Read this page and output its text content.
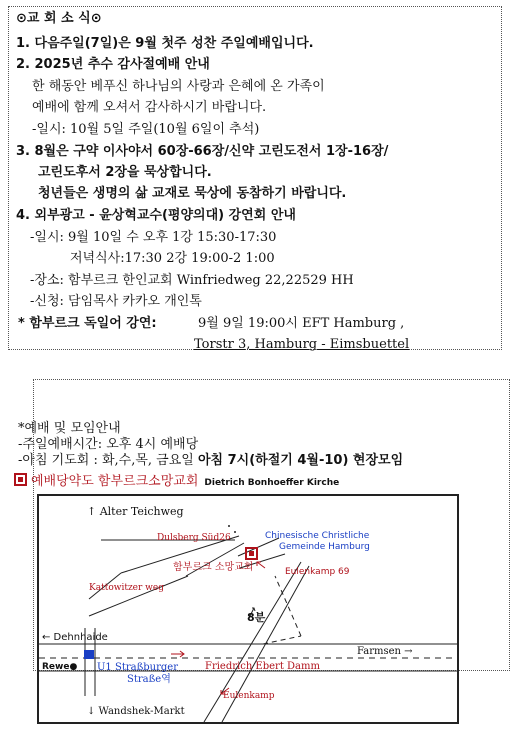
⊙교 회 소 식⊙
1. 다음주일(7일)은 9월 첫주 성찬 주일예배입니다.
2. 2025년 추수 감사절예배 안내
한 해동안 베푸신 하나님의 사랑과 은혜에 온 가족이
예배에 함께 오셔서 감사하시기 바랍니다.
-일시: 10월 5일 주일(10월 6일이 추석)
3. 8월은 구약 이사야서 60장-66장/신약 고린도전서 1장-16장/
고린도후서 2장을 묵상합니다.
청년들은 생명의 삶 교재로 묵상에 동참하기 바랍니다.
4. 외부광고 - 윤상혁교수(평양의대) 강연회 안내
-일시: 9월 10일 수 오후 1강 15:30-17:30
저녁식사:17:30 2강 19:00-2 1:00
-장소: 함부르크 한인교회 Winfriedweg 22,22529 HH
-신청: 담임목사 카카오 개인톡
* 함부르크 독일어 강연:	9월 9일 19:00시 EFT Hamburg ,
Torstr 3, Hamburg - Eimsbuettel
*예배 및 모임안내
-주일예배시간: 오후 4시 예배당
-아침 기도회 : 화,수,목, 금요일 아침 7시(하절기 4월-10) 현장모임
예배당약도 함부르크소망교회 Dietrich Bonhoeffer Kirche
↑ Alter Teichweg
Dulsberg Süd26	Chinesische Christliche
Gemeinde Hamburg
함부르크 소망교회	Eulenkamp 69
Kattowitzer weg
8분
← Dehnhaide
Rewe● U1 Straßburger
Straße역
Friedrich Ebert Damm
Farmsen →
Eulenkamp
↓ Wandshek-Markt
